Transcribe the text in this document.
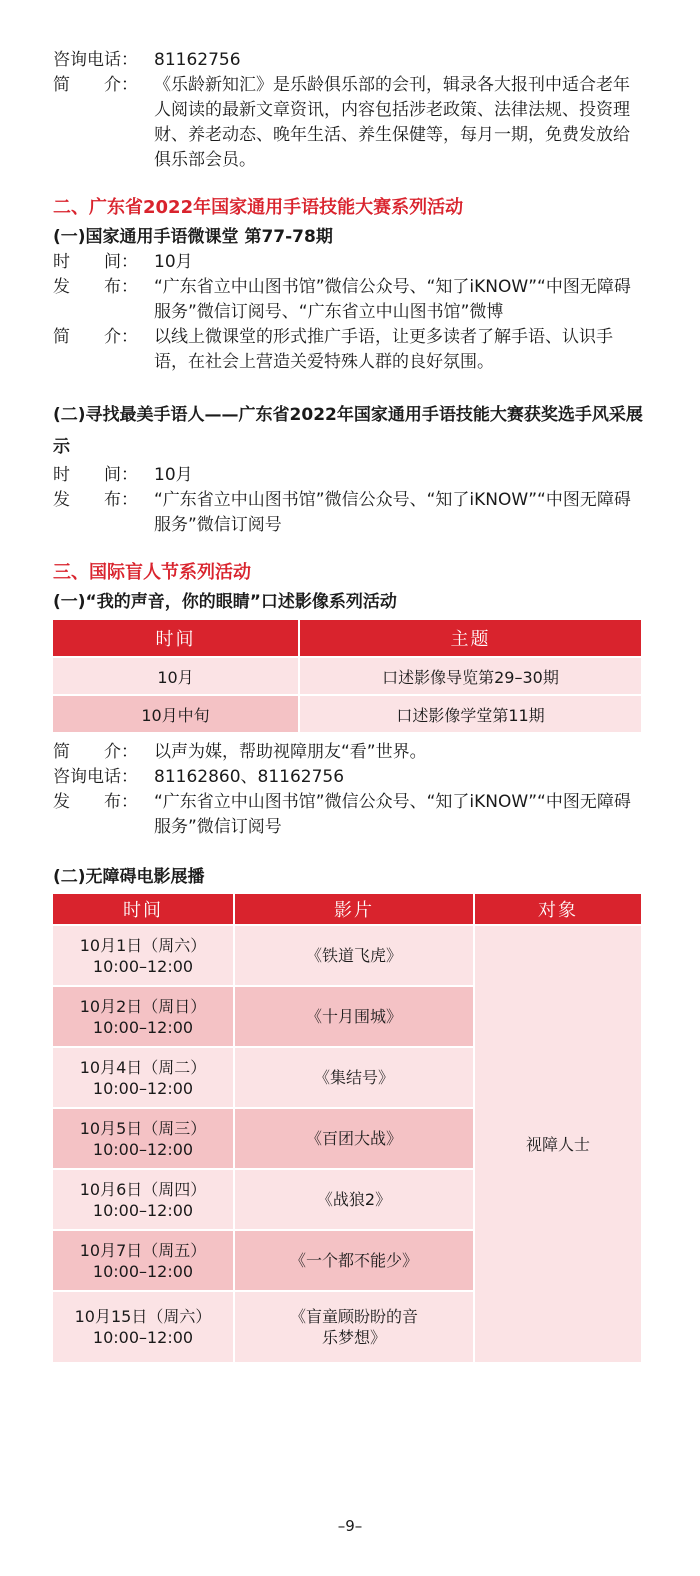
咨询电话： 81162756
简　　介： 《乐龄新知汇》是乐龄俱乐部的会刊，辑录各大报刊中适合老年人阅读的最新文章资讯，内容包括涉老政策、法律法规、投资理财、养老动态、晚年生活、养生保健等，每月一期，免费发放给俱乐部会员。
二、广东省2022年国家通用手语技能大赛系列活动
(一)国家通用手语微课堂 第77-78期
时　　间： 10月
发　　布： “广东省立中山图书馆”微信公众号、“知了iKNOW”“中图无障碍服务”微信订阅号、“广东省立中山图书馆”微博
简　　介： 以线上微课堂的形式推广手语，让更多读者了解手语、认识手语，在社会上营造关爱特殊人群的良好氛围。
(二)寻找最美手语人——广东省2022年国家通用手语技能大赛获奖选手风采展示
时　　间： 10月
发　　布： “广东省立中山图书馆”微信公众号、“知了iKNOW”“中图无障碍服务”微信订阅号
三、国际盲人节系列活动
(一)“我的声音，你的眼睛”口述影像系列活动
时间	主题
10月	口述影像导览第29–30期
10月中旬	口述影像学堂第11期
简　　介： 以声为媒，帮助视障朋友“看”世界。
咨询电话： 81162860、81162756
发　　布： “广东省立中山图书馆”微信公众号、“知了iKNOW”“中图无障碍服务”微信订阅号
(二)无障碍电影展播
时间	影片	对象
10月1日（周六）
10:00–12:00	《铁道飞虎》	视障人士
10月2日（周日）
10:00–12:00	《十月围城》	
10月4日（周二）
10:00–12:00	《集结号》	
10月5日（周三）
10:00–12:00	《百团大战》	
10月6日（周四）
10:00–12:00	《战狼2》	
10月7日（周五）
10:00–12:00	《一个都不能少》	
10月15日（周六）
10:00–12:00	《盲童顾盼盼的音乐梦想》	
–9–
